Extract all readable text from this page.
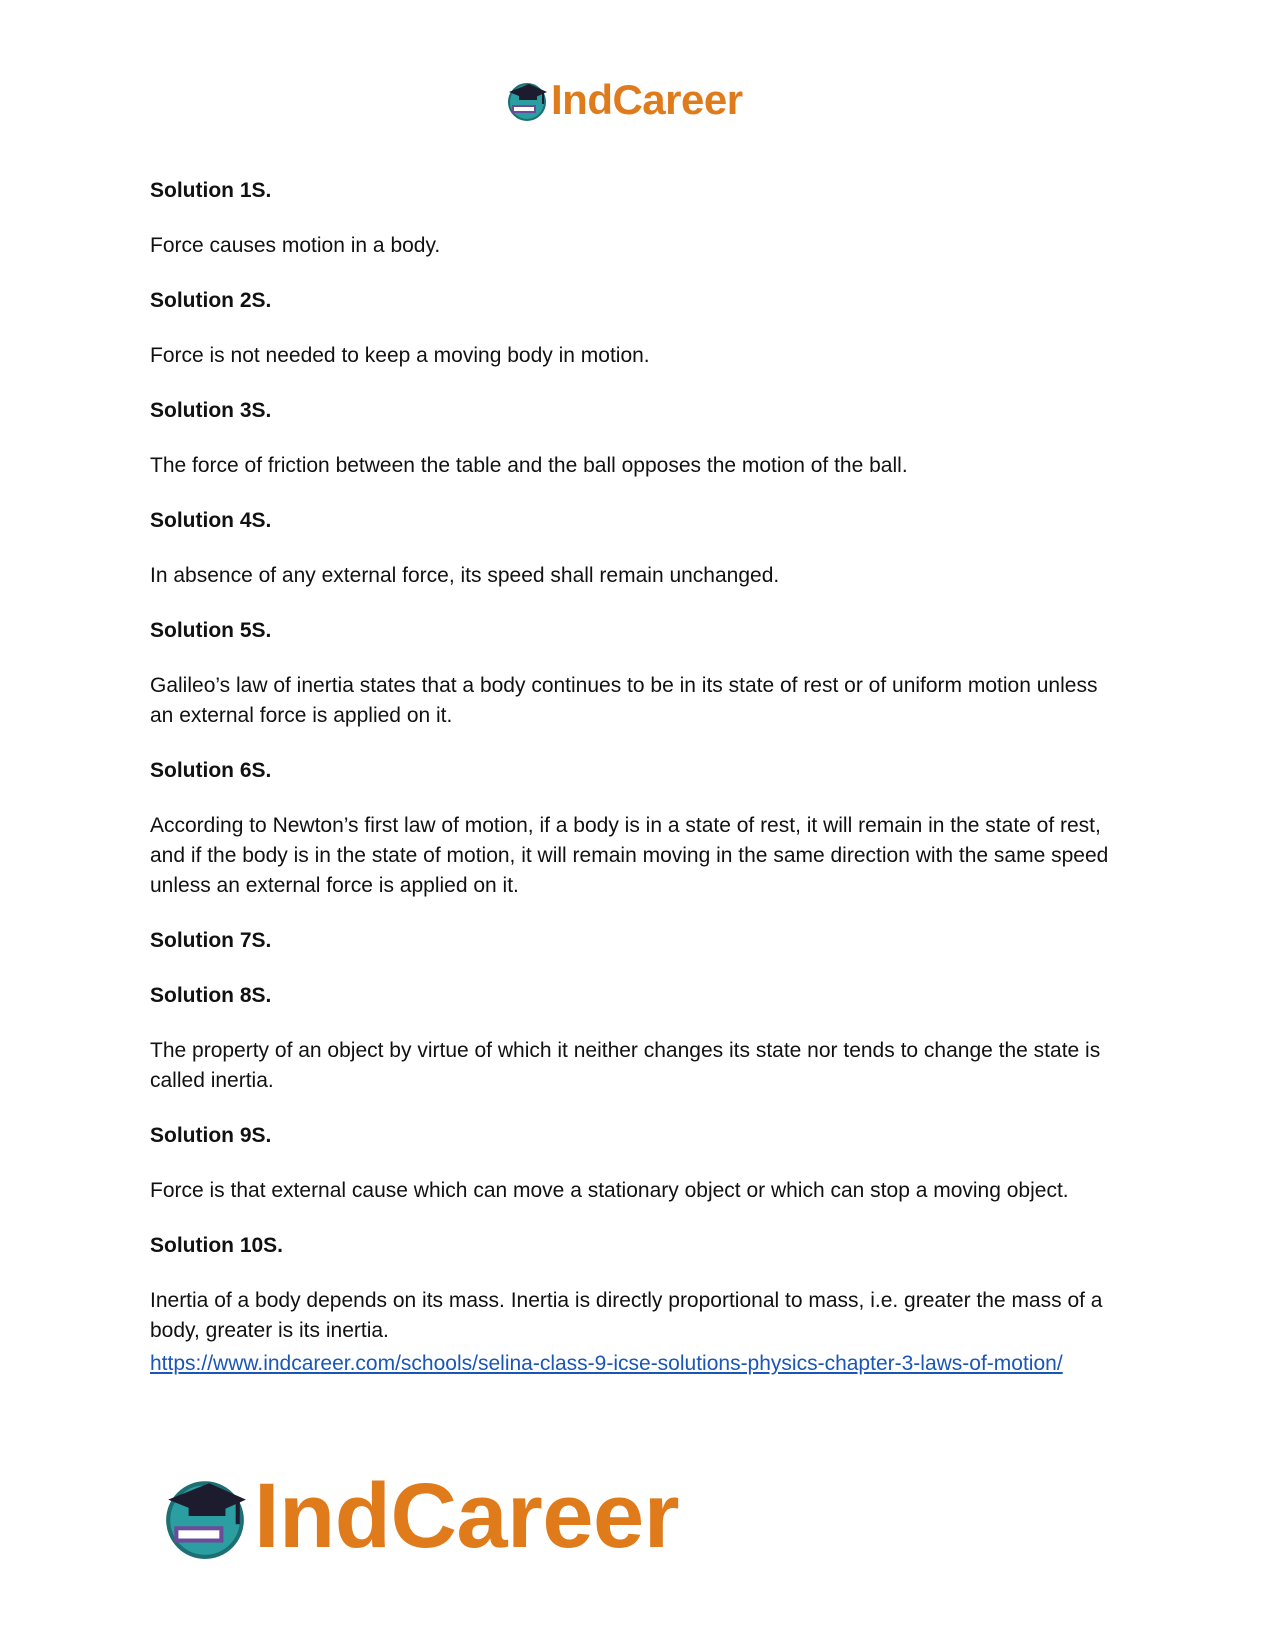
IndCareer
Solution 1S.
Force causes motion in a body.
Solution 2S.
Force is not needed to keep a moving body in motion.
Solution 3S.
The force of friction between the table and the ball opposes the motion of the ball.
Solution 4S.
In absence of any external force, its speed shall remain unchanged.
Solution 5S.
Galileo’s law of inertia states that a body continues to be in its state of rest or of uniform motion unless an external force is applied on it.
Solution 6S.
According to Newton’s first law of motion, if a body is in a state of rest, it will remain in the state of rest, and if the body is in the state of motion, it will remain moving in the same direction with the same speed unless an external force is applied on it.
Solution 7S.
Solution 8S.
The property of an object by virtue of which it neither changes its state nor tends to change the state is called inertia.
Solution 9S.
Force is that external cause which can move a stationary object or which can stop a moving object.
Solution 10S.
Inertia of a body depends on its mass. Inertia is directly proportional to mass, i.e. greater the mass of a body, greater is its inertia.
https://www.indcareer.com/schools/selina-class-9-icse-solutions-physics-chapter-3-laws-of-motion/
IndCareer
